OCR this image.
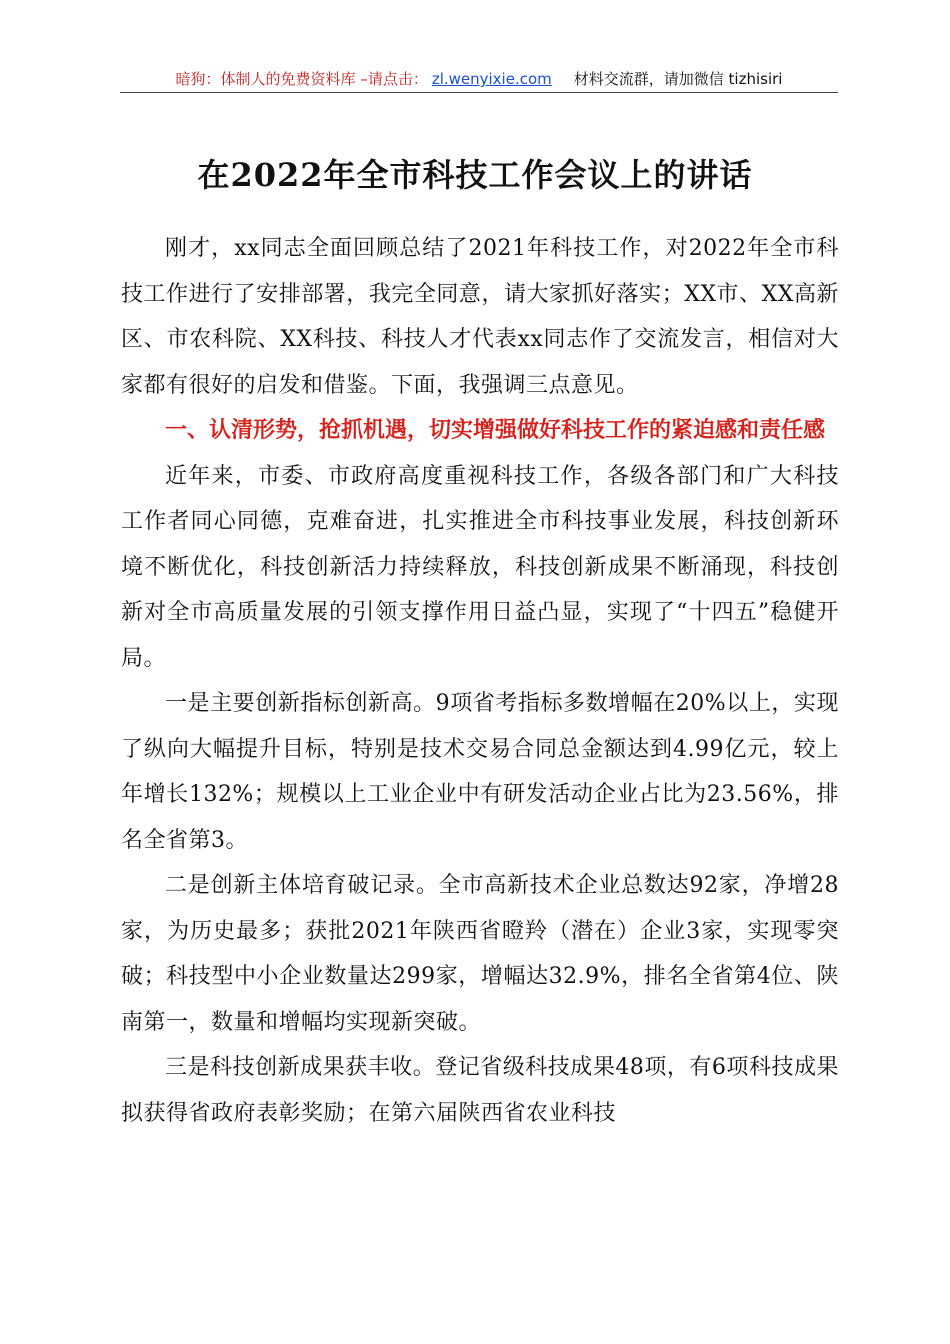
暗狗：体制人的免费资料库 –请点击： zl.wenyixie.com 材料交流群，请加微信 tizhisiri
在2022年全市科技工作会议上的讲话

刚才，xx同志全面回顾总结了2021年科技工作，对2022年全市科技工作进行了安排部署，我完全同意，请大家抓好落实；XX市、XX高新区、市农科院、XX科技、科技人才代表xx同志作了交流发言，相信对大家都有很好的启发和借鉴。下面，我强调三点意见。

一、认清形势，抢抓机遇，切实增强做好科技工作的紧迫感和责任感

近年来，市委、市政府高度重视科技工作，各级各部门和广大科技工作者同心同德，克难奋进，扎实推进全市科技事业发展，科技创新环境不断优化，科技创新活力持续释放，科技创新成果不断涌现，科技创新对全市高质量发展的引领支撑作用日益凸显，实现了“十四五”稳健开局。

一是主要创新指标创新高。9项省考指标多数增幅在20%以上，实现了纵向大幅提升目标，特别是技术交易合同总金额达到4.99亿元，较上年增长132%；规模以上工业企业中有研发活动企业占比为23.56%，排名全省第3。

二是创新主体培育破记录。全市高新技术企业总数达92家，净增28家，为历史最多；获批2021年陕西省瞪羚（潜在）企业3家，实现零突破；科技型中小企业数量达299家，增幅达32.9%，排名全省第4位、陕南第一，数量和增幅均实现新突破。

三是科技创新成果获丰收。登记省级科技成果48项，有6项科技成果拟获得省政府表彰奖励；在第六届陕西省农业科技
